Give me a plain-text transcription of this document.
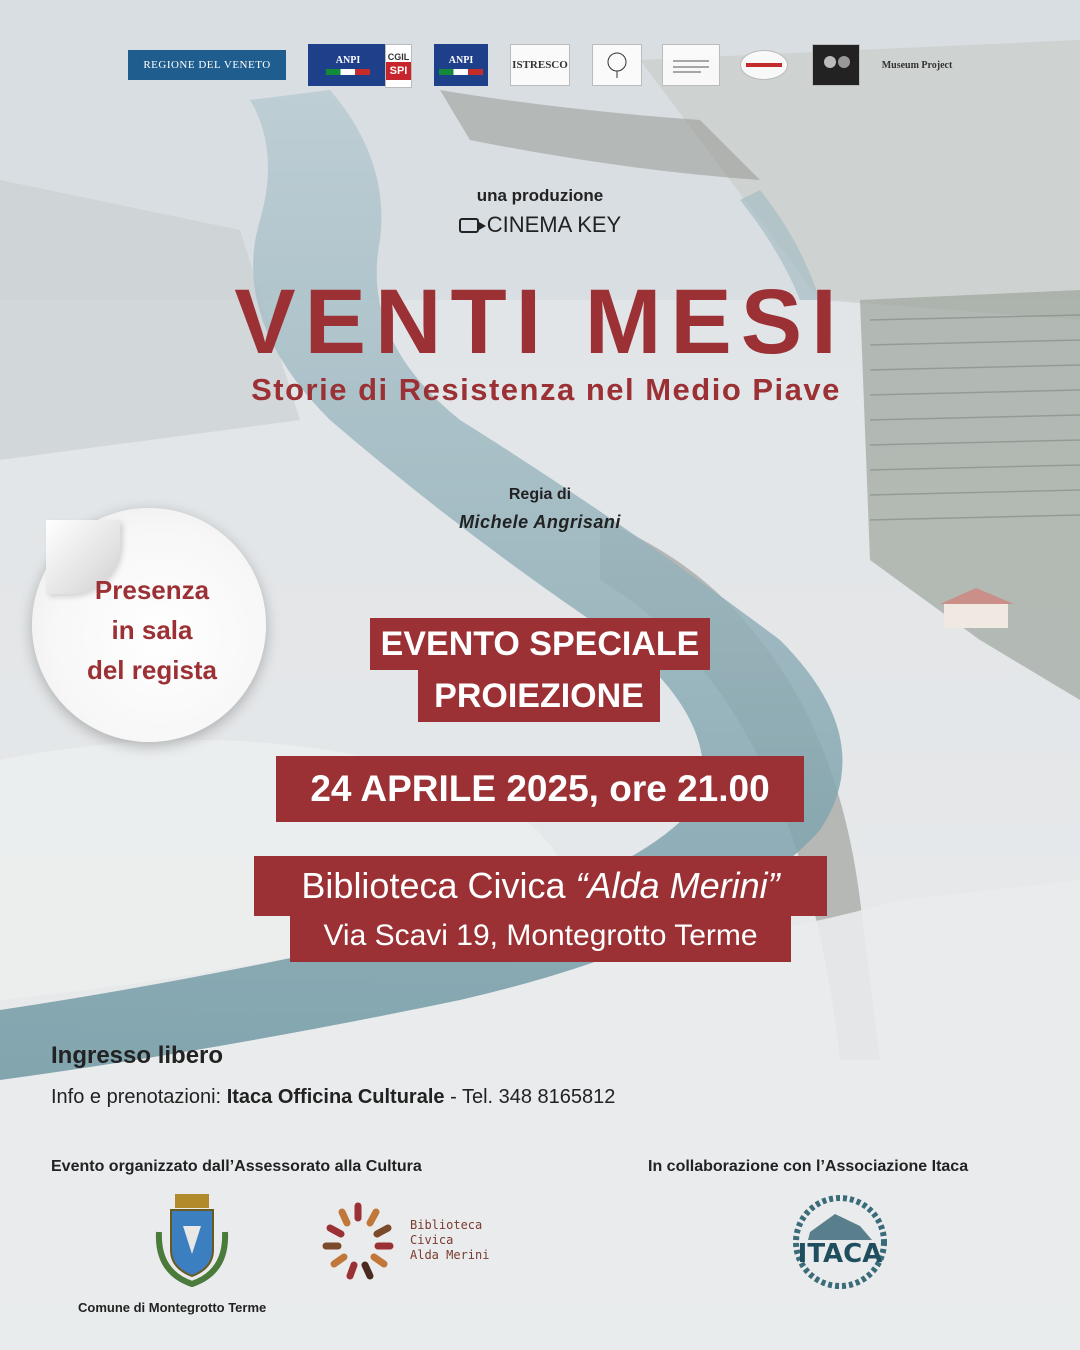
REGIONE DEL VENETO	ANPI	CGIL
SPI
ANPI	ISTRESCO	Museum Project
una produzione
CINEMA KEY
VENTI MESI
Storie di Resistenza nel Medio Piave
Regia di
Michele Angrisani
Presenza
in sala
del regista
EVENTO SPECIALE
PROIEZIONE
24 APRILE 2025, ore 21.00
Biblioteca Civica “Alda Merini”
Via Scavi 19, Montegrotto Terme
Ingresso libero
Info e prenotazioni: Itaca Officina Culturale - Tel. 348 8165812
Evento organizzato dall’Assessorato alla Cultura	In collaborazione con l’Associazione Itaca
Comune di Montegrotto Terme
Biblioteca
Civica
Alda Merini	ITACA
